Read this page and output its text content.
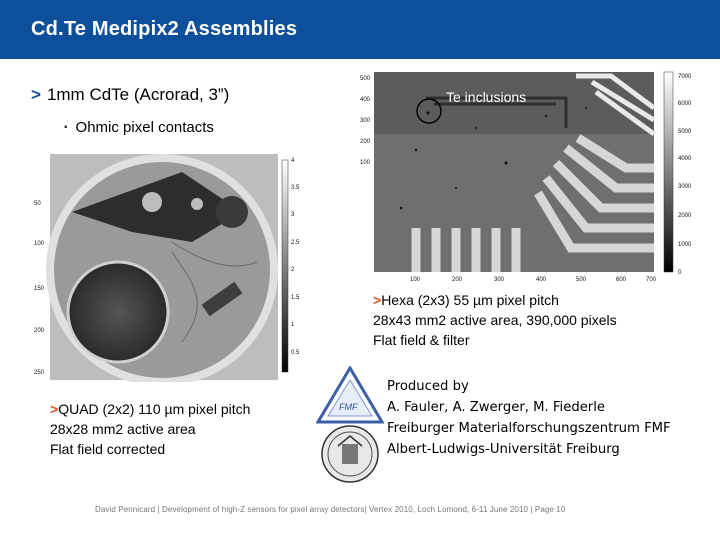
Cd.Te Medipix2 Assemblies
> 1mm CdTe (Acrorad, 3”)
▪ Ohmic pixel contacts
Te inclusions
100	200	300	400	500	600	700
500
400
300
200
100
7000
6000
5000
4000
3000
2000
1000
0
50
100
150
200
250
4
3.5
3
2.5
2
1.5
1
0.5
>Hexa (2x3) 55 µm pixel pitch
28x43 mm2 active area, 390,000 pixels
Flat field & filter
>QUAD (2x2) 110 µm pixel pitch
28x28 mm2 active area
Flat field corrected
FMF
Produced by
A. Fauler, A. Zwerger, M. Fiederle
Freiburger Materialforschungszentrum FMF
Albert-Ludwigs-Universität Freiburg
David Pennicard | Development of high-Z sensors for pixel array detectors| Vertex 2010, Loch Lomond, 6-11 June 2010 | Page 10
